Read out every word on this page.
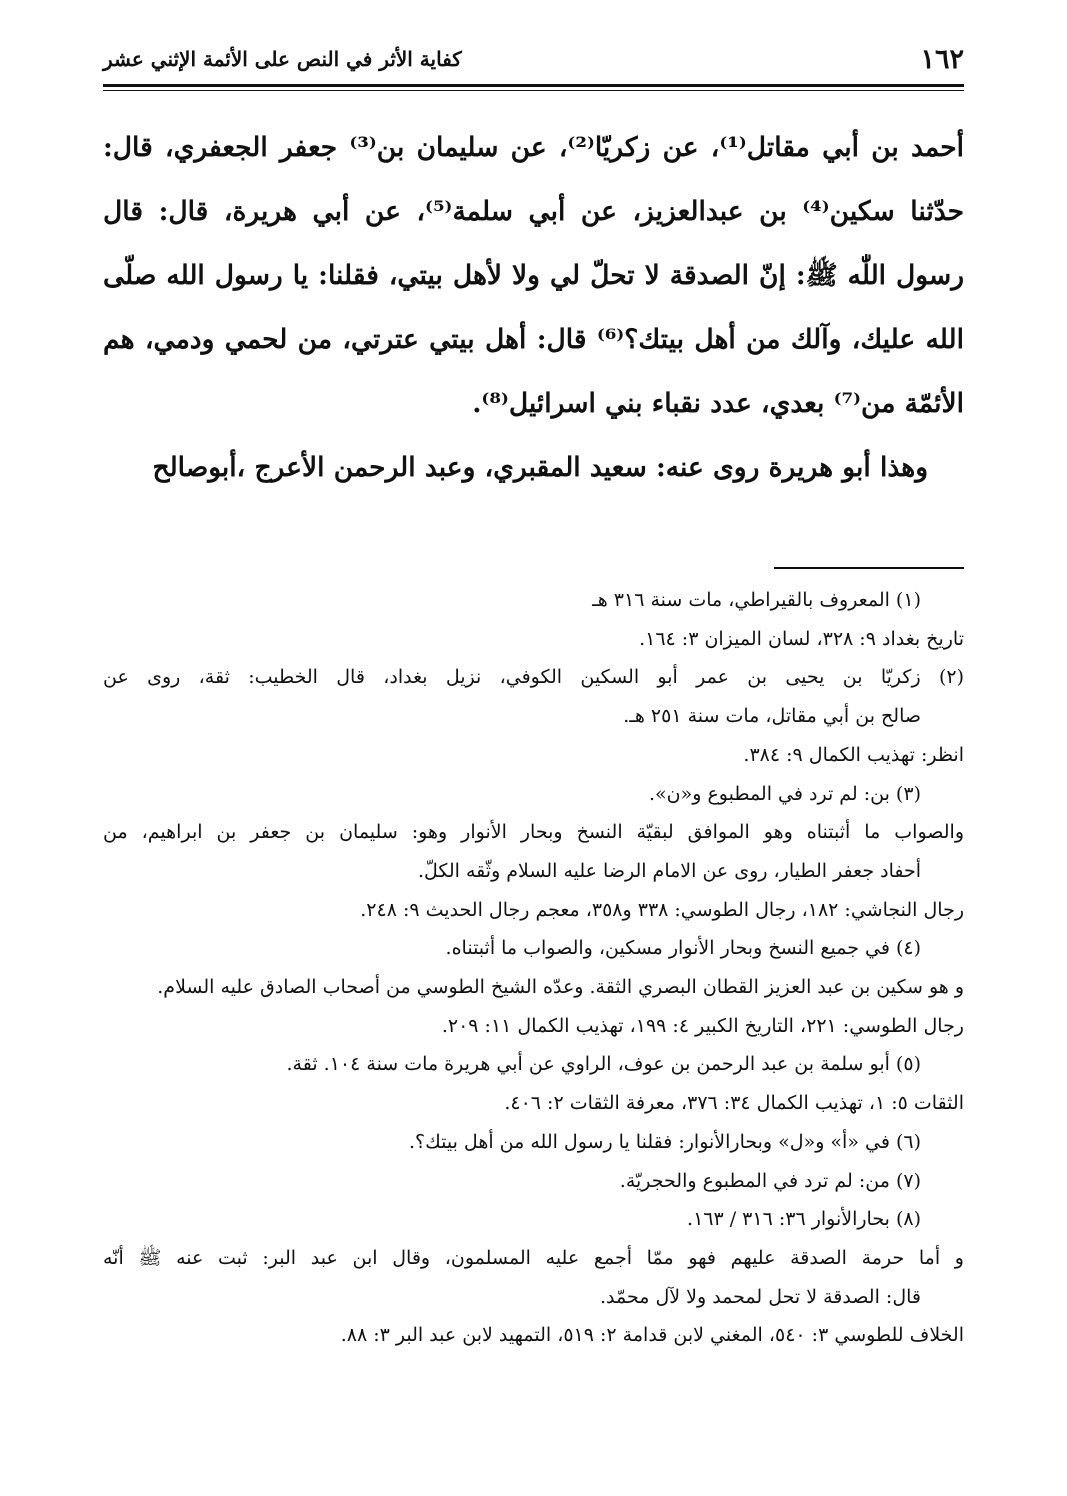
١٦٢
كفاية الأثر في النص على الأئمة الإثني عشر

أحمد بن أبي مقاتل⁽¹⁾، عن زكريّا⁽²⁾، عن سليمان بن⁽³⁾ جعفر الجعفري، قال: حدّثنا سكين⁽⁴⁾ بن عبدالعزيز، عن أبي سلمة⁽⁵⁾، عن أبي هريرة، قال: قال رسول اللّٰه ﷺ: إنّ الصدقة لا تحلّ لي ولا لأهل بيتي، فقلنا: يا رسول الله صلّى الله عليك، وآلك من أهل بيتك؟⁽⁶⁾ قال: أهل بيتي عترتي، من لحمي ودمي، هم الأئمّة من⁽⁷⁾ بعدي، عدد نقباء بني اسرائيل⁽⁸⁾.

وهذا أبو هريرة روى عنه: سعيد المقبري، وعبد الرحمن الأعرج ،أبوصالح

(١) المعروف بالقيراطي، مات سنة ٣١٦ هـ
تاريخ بغداد ٩: ٣٢٨، لسان الميزان ٣: ١٦٤.
(٢) زكريّا بن يحيى بن عمر أبو السكين الكوفي، نزيل بغداد، قال الخطيب: ثقة، روى عن
صالح بن أبي مقاتل، مات سنة ٢٥١ هـ.
انظر: تهذيب الكمال ٩: ٣٨٤.
(٣) بن: لم ترد في المطبوع و«ن».
والصواب ما أثبتناه وهو الموافق لبقيّة النسخ وبحار الأنوار وهو: سليمان بن جعفر بن ابراهيم، من
أحفاد جعفر الطيار، روى عن الامام الرضا عليه السلام وثّقه الكلّ.
رجال النجاشي: ١٨٢، رجال الطوسي: ٣٣٨ و٣٥٨، معجم رجال الحديث ٩: ٢٤٨.
(٤) في جميع النسخ وبحار الأنوار مسكين، والصواب ما أثبتناه.
و هو سكين بن عبد العزيز القطان البصري الثقة. وعدّه الشيخ الطوسي من أصحاب الصادق عليه السلام.
رجال الطوسي: ٢٢١، التاريخ الكبير ٤: ١٩٩، تهذيب الكمال ١١: ٢٠٩.
(٥) أبو سلمة بن عبد الرحمن بن عوف، الراوي عن أبي هريرة مات سنة ١٠٤. ثقة.
الثقات ٥: ١، تهذيب الكمال ٣٤: ٣٧٦، معرفة الثقات ٢: ٤٠٦.
(٦) في «أ» و«ل» وبحارالأنوار: فقلنا يا رسول الله من أهل بيتك؟.
(٧) من: لم ترد في المطبوع والحجريّة.
(٨) بحارالأنوار ٣٦: ٣١٦ / ١٦٣.
و أما حرمة الصدقة عليهم فهو ممّا أجمع عليه المسلمون، وقال ابن عبد البر: ثبت عنه ﷺ أنّه
قال: الصدقة لا تحل لمحمد ولا لآل محمّد.
الخلاف للطوسي ٣: ٥٤٠، المغني لابن قدامة ٢: ٥١٩، التمهيد لابن عبد البر ٣: ٨٨.
